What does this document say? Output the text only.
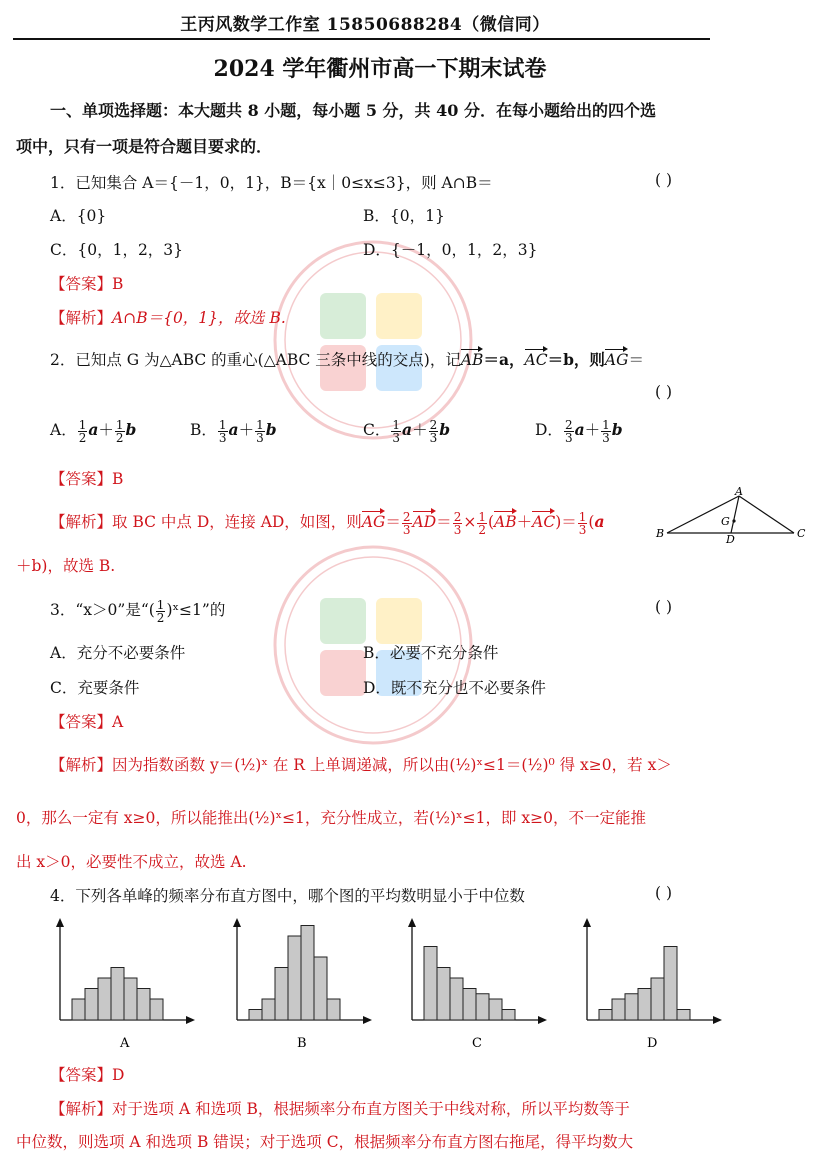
王丙风数学工作室 15850688284（微信同）
2024 学年衢州市高一下期末试卷
一、单项选择题：本大题共 8 小题，每小题 5 分，共 40 分．在每小题给出的四个选
项中，只有一项是符合题目要求的．
1．已知集合 A＝{－1，0，1}，B＝{x｜0≤x≤3}，则 A∩B＝	( )
A．{0}	B．{0，1}
C．{0，1，2，3}	D．{－1，0，1，2，3}
【答案】B
【解析】A∩B＝{0，1}，故选 B.
2．已知点 G 为△ABC 的重心(△ABC 三条中线的交点)，记AB＝a，AC＝b，则AG＝
( )
A． $\frac{1}{2} a+ \frac{1}{2}$ b	B． $\frac{1}{3} a+ \frac{1}{3}$ b	C． $\frac{1}{3} a+ \frac{2}{3}$ b	D． $\frac{2}{3} a+ \frac{1}{3}$ b
【答案】B
【解析】取 BC 中点 D，连接 AD，如图，则$AG= \frac{2}{3} AD= \frac{2}{3} \times \frac{1}{2} (AB+AC)= \frac{1}{3} (a$
＋b)，故选 B.
A
G
D
B	C
3．“x＞0”是“( $\frac{1}{2}$ )ˣ≤1”的	( )
A．充分不必要条件	B．必要不充分条件
C．充要条件	D．既不充分也不必要条件
【答案】A
【解析】因为指数函数 y＝(½)ˣ 在 R 上单调递减，所以由(½)ˣ≤1＝(½)⁰ 得 x≥0，若 x＞
0，那么一定有 x≥0，所以能推出(½)ˣ≤1，充分性成立，若(½)ˣ≤1，即 x≥0，不一定能推
出 x＞0，必要性不成立，故选 A.
4．下列各单峰的频率分布直方图中，哪个图的平均数明显小于中位数	( )
A	B	C	D
【答案】D
【解析】对于选项 A 和选项 B，根据频率分布直方图关于中线对称，所以平均数等于
中位数，则选项 A 和选项 B 错误；对于选项 C，根据频率分布直方图右拖尾，得平均数大
